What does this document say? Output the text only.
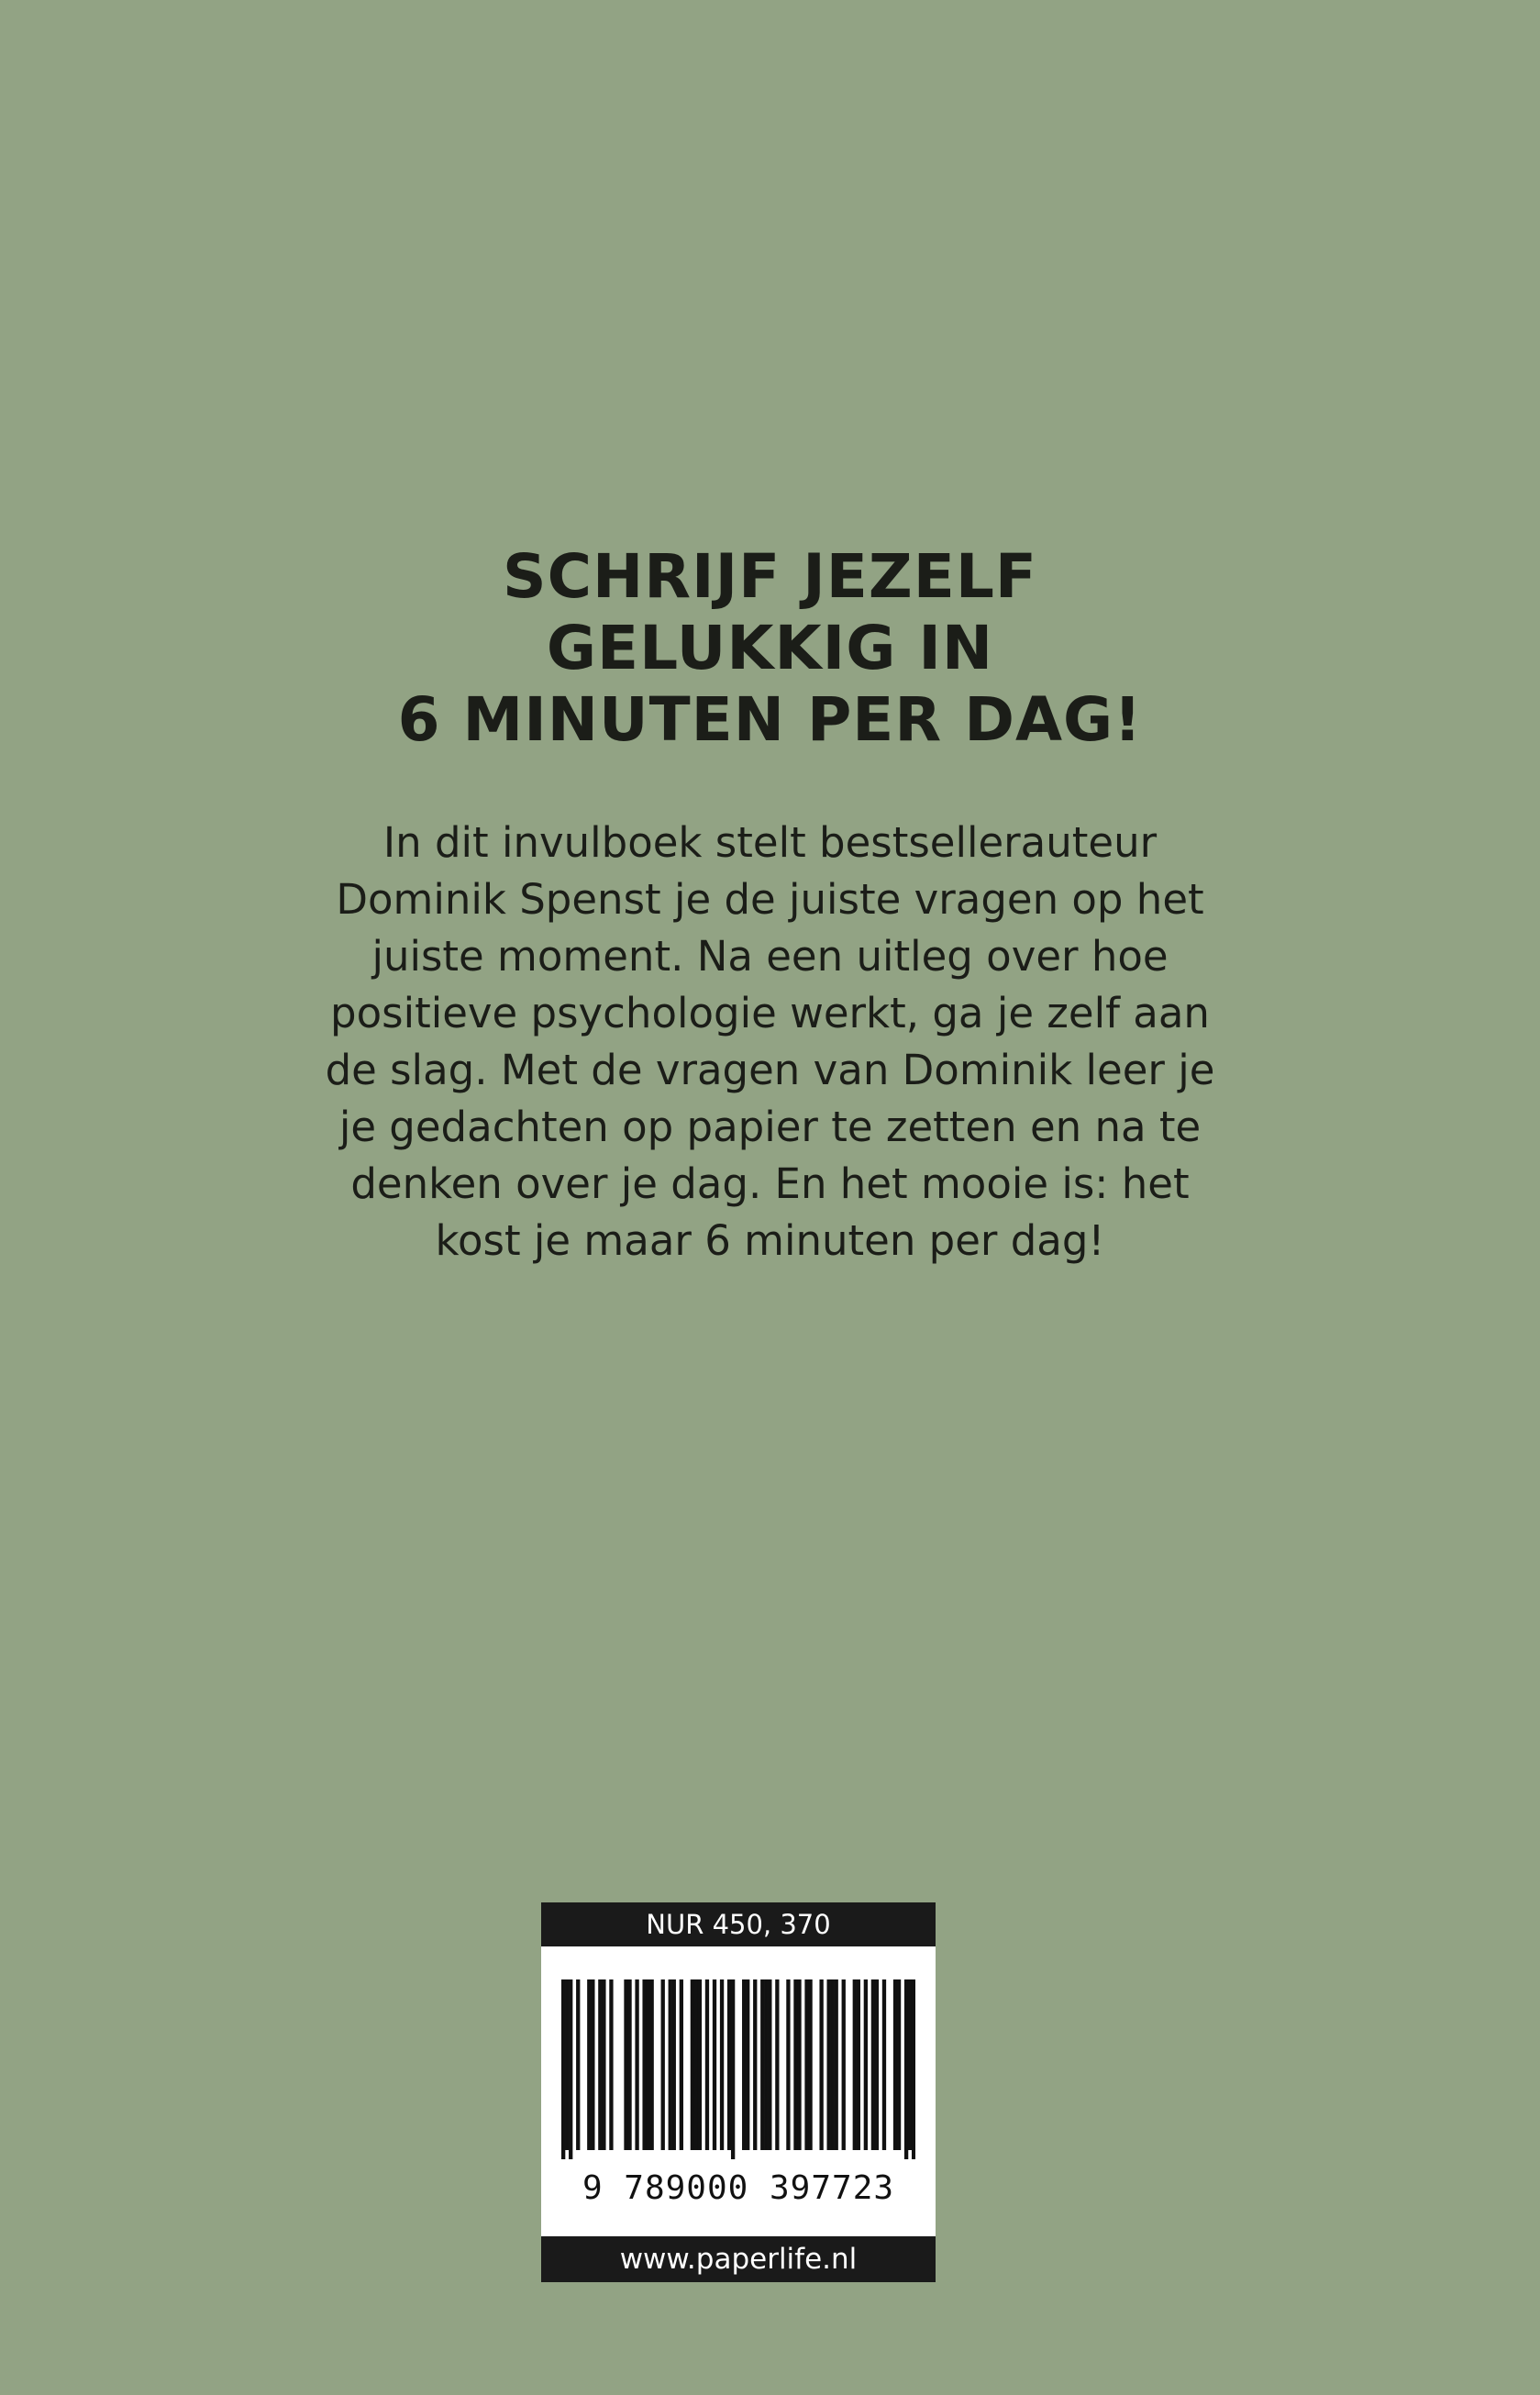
SCHRIJF JEZELF
GELUKKIG IN
6 MINUTEN PER DAG!
In dit invulboek stelt bestsellerauteur
Dominik Spenst je de juiste vragen op het
juiste moment. Na een uitleg over hoe
positieve psychologie werkt, ga je zelf aan
de slag. Met de vragen van Dominik leer je
je gedachten op papier te zetten en na te
denken over je dag. En het mooie is: het
kost je maar 6 minuten per dag!
NUR 450, 370
9 789000 397723
www.paperlife.nl
